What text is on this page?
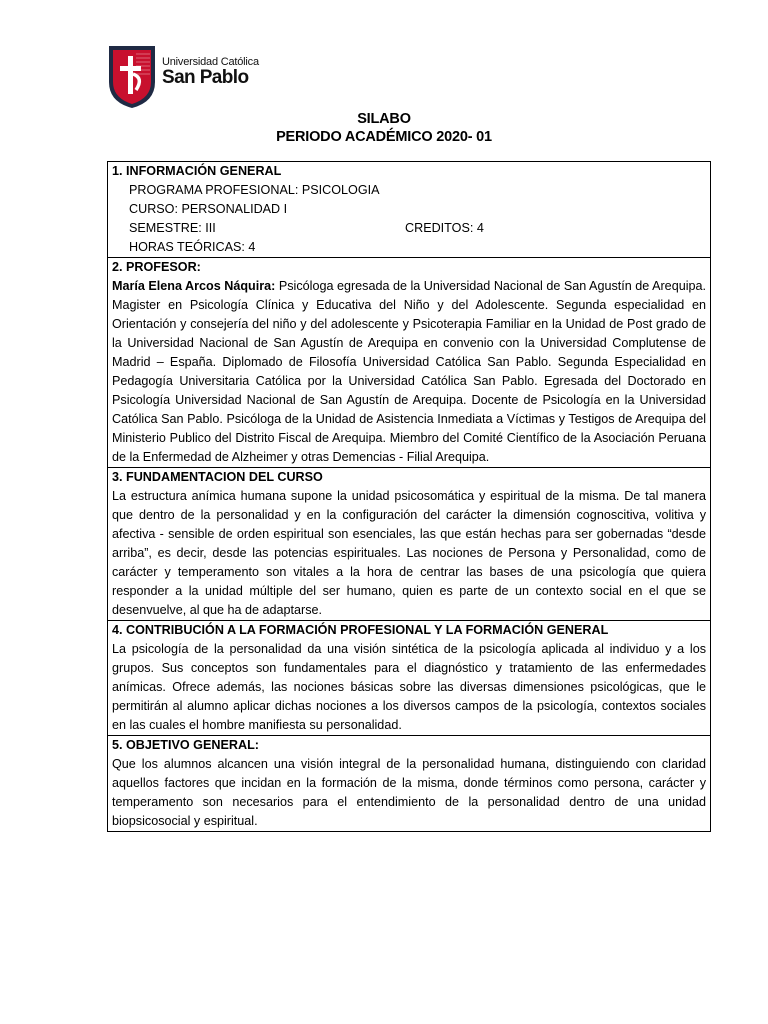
Universidad Católica
San Pablo
SILABO
PERIODO ACADÉMICO 2020- 01
1. INFORMACIÓN GENERAL
PROGRAMA PROFESIONAL: PSICOLOGIA
CURSO: PERSONALIDAD I
SEMESTRE: III	CREDITOS: 4
HORAS TEÓRICAS: 4

2. PROFESOR:
María Elena Arcos Náquira: Psicóloga egresada de la Universidad Nacional de San Agustín de Arequipa. Magister en Psicología Clínica y Educativa del Niño y del Adolescente. Segunda especialidad en Orientación y consejería del niño y del adolescente y Psicoterapia Familiar en la Unidad de Post grado de la Universidad Nacional de San Agustín de Arequipa en convenio con la Universidad Complutense de Madrid – España. Diplomado de Filosofía Universidad Católica San Pablo. Segunda Especialidad en Pedagogía Universitaria Católica por la Universidad Católica San Pablo. Egresada del Doctorado en Psicología Universidad Nacional de San Agustín de Arequipa. Docente de Psicología en la Universidad Católica San Pablo. Psicóloga de la Unidad de Asistencia Inmediata a Víctimas y Testigos de Arequipa del Ministerio Publico del Distrito Fiscal de Arequipa. Miembro del Comité Científico de la Asociación Peruana de la Enfermedad de Alzheimer y otras Demencias - Filial Arequipa.

3. FUNDAMENTACION DEL CURSO
La estructura anímica humana supone la unidad psicosomática y espiritual de la misma. De tal manera que dentro de la personalidad y en la configuración del carácter la dimensión cognoscitiva, volitiva y afectiva - sensible de orden espiritual son esenciales, las que están hechas para ser gobernadas “desde arriba”, es decir, desde las potencias espirituales. Las nociones de Persona y Personalidad, como de carácter y temperamento son vitales a la hora de centrar las bases de una psicología que quiera responder a la unidad múltiple del ser humano, quien es parte de un contexto social en el que se desenvuelve, al que ha de adaptarse.

4. CONTRIBUCIÓN A LA FORMACIÓN PROFESIONAL Y LA FORMACIÓN GENERAL
La psicología de la personalidad da una visión sintética de la psicología aplicada al individuo y a los grupos. Sus conceptos son fundamentales para el diagnóstico y tratamiento de las enfermedades anímicas. Ofrece además, las nociones básicas sobre las diversas dimensiones psicológicas, que le permitirán al alumno aplicar dichas nociones a los diversos campos de la psicología, contextos sociales en las cuales el hombre manifiesta su personalidad.

5. OBJETIVO GENERAL:
Que los alumnos alcancen una visión integral de la personalidad humana, distinguiendo con claridad aquellos factores que incidan en la formación de la misma, donde términos como persona, carácter y temperamento son necesarios para el entendimiento de la personalidad dentro de una unidad biopsicosocial y espiritual.
